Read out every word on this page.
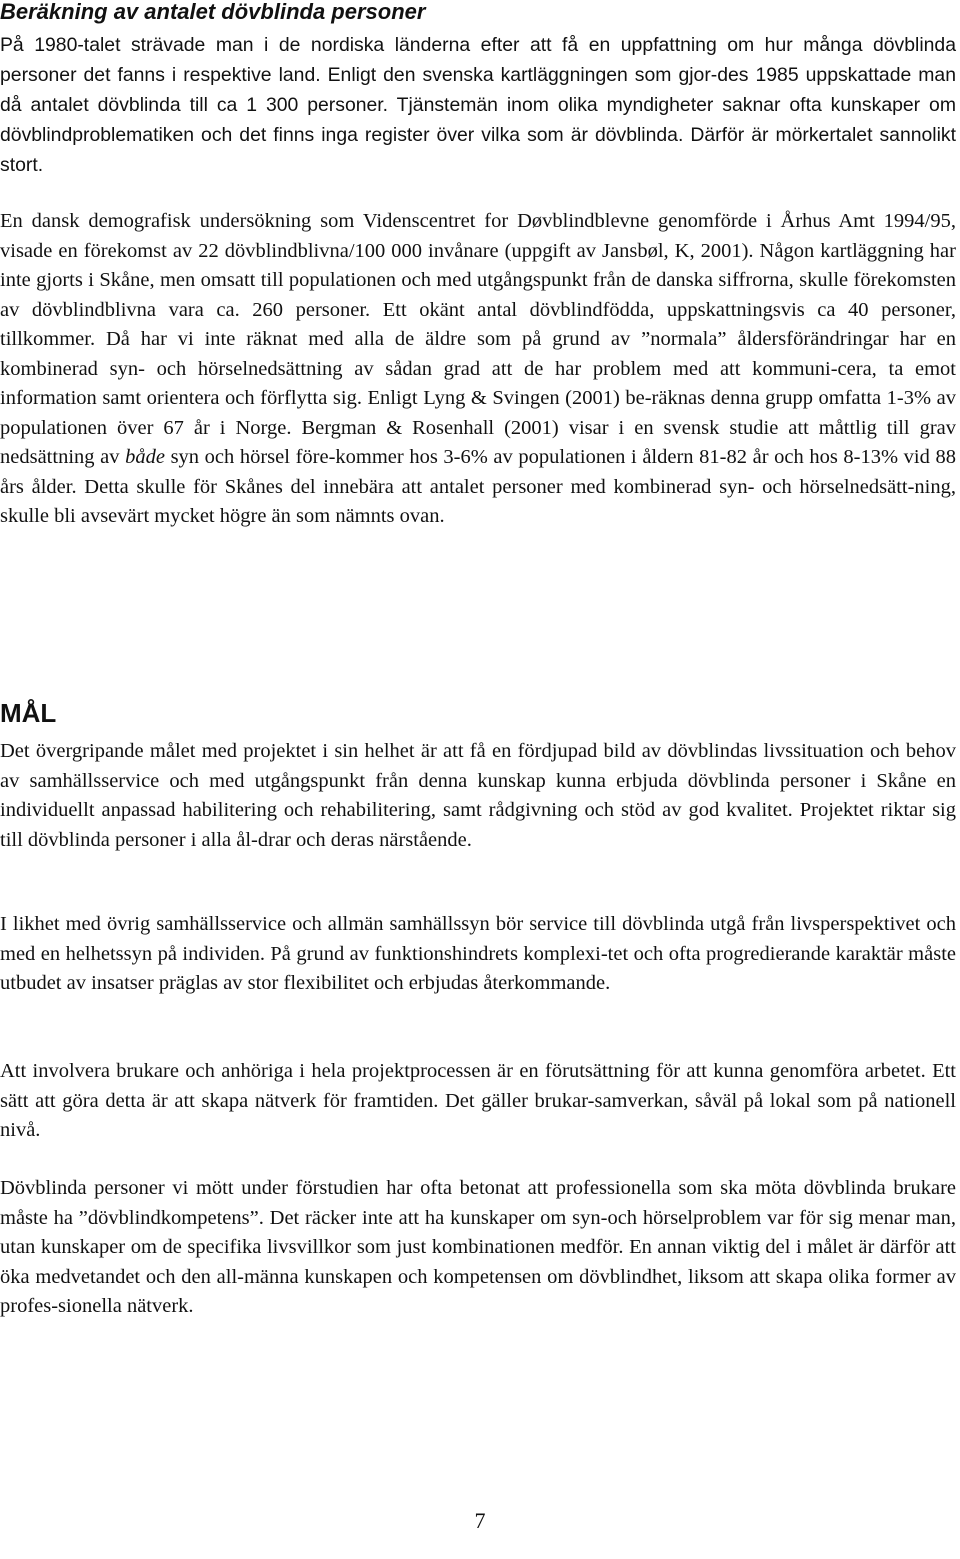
Beräkning av antalet dövblinda personer

På 1980-talet strävade man i de nordiska länderna efter att få en uppfattning om hur många dövblinda personer det fanns i respektive land. Enligt den svenska kartläggningen som gjor-des 1985 uppskattade man då antalet dövblinda till ca 1 300 personer. Tjänstemän inom olika myndigheter saknar ofta kunskaper om dövblindproblematiken och det finns inga register över vilka som är dövblinda. Därför är mörkertalet sannolikt stort.

En dansk demografisk undersökning som Videnscentret for Døvblindblevne genomförde i Århus Amt 1994/95, visade en förekomst av 22 dövblindblivna/100 000 invånare (uppgift av Jansbøl, K, 2001). Någon kartläggning har inte gjorts i Skåne, men omsatt till populationen och med utgångspunkt från de danska siffrorna, skulle förekomsten av dövblindblivna vara ca. 260 personer. Ett okänt antal dövblindfödda, uppskattningsvis ca 40 personer, tillkommer. Då har vi inte räknat med alla de äldre som på grund av ”normala” åldersförändringar har en kombinerad syn- och hörselnedsättning av sådan grad att de har problem med att kommuni-cera, ta emot information samt orientera och förflytta sig. Enligt Lyng & Svingen (2001) be-räknas denna grupp omfatta 1-3% av populationen över 67 år i Norge. Bergman & Rosenhall (2001) visar i en svensk studie att måttlig till grav nedsättning av både syn och hörsel före-kommer hos 3-6% av populationen i åldern 81-82 år och hos 8-13% vid 88 års ålder. Detta skulle för Skånes del innebära att antalet personer med kombinerad syn- och hörselnedsätt-ning, skulle bli avsevärt mycket högre än som nämnts ovan.

MÅL

Det övergripande målet med projektet i sin helhet är att få en fördjupad bild av dövblindas livssituation och behov av samhällsservice och med utgångspunkt från denna kunskap kunna erbjuda dövblinda personer i Skåne en individuellt anpassad habilitering och rehabilitering, samt rådgivning och stöd av god kvalitet. Projektet riktar sig till dövblinda personer i alla ål-drar och deras närstående.

I likhet med övrig samhällsservice och allmän samhällssyn bör service till dövblinda utgå från livsperspektivet och med en helhetssyn på individen. På grund av funktionshindrets komplexi-tet och ofta progredierande karaktär måste utbudet av insatser präglas av stor flexibilitet och erbjudas återkommande.

Att involvera brukare och anhöriga i hela projektprocessen är en förutsättning för att kunna genomföra arbetet. Ett sätt att göra detta är att skapa nätverk för framtiden. Det gäller brukar-samverkan, såväl på lokal som på nationell nivå.

Dövblinda personer vi mött under förstudien har ofta betonat att professionella som ska möta dövblinda brukare måste ha ”dövblindkompetens”. Det räcker inte att ha kunskaper om syn-och hörselproblem var för sig menar man, utan kunskaper om de specifika livsvillkor som just kombinationen medför. En annan viktig del i målet är därför att öka medvetandet och den all-männa kunskapen och kompetensen om dövblindhet, liksom att skapa olika former av profes-sionella nätverk.

7
